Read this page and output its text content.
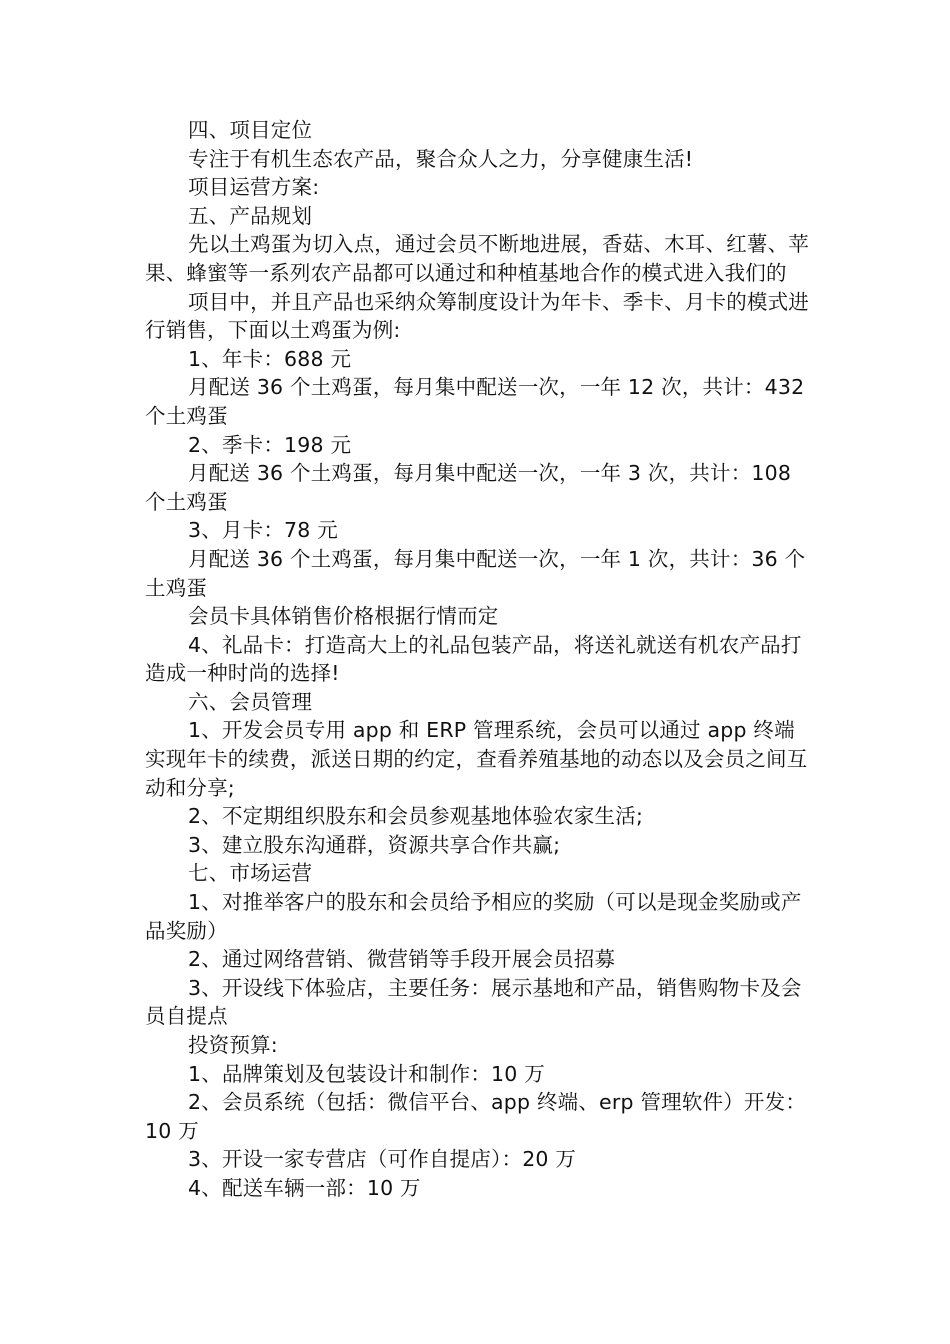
四、项目定位

专注于有机生态农产品，聚合众人之力，分享健康生活!

项目运营方案:

五、产品规划

先以土鸡蛋为切入点，通过会员不断地进展，香菇、木耳、红薯、苹果、蜂蜜等一系列农产品都可以通过和种植基地合作的模式进入我们的

项目中，并且产品也采纳众筹制度设计为年卡、季卡、月卡的模式进行销售，下面以土鸡蛋为例:

1、年卡：688 元

月配送 36 个土鸡蛋，每月集中配送一次，一年 12 次，共计：432 个土鸡蛋

2、季卡：198 元

月配送 36 个土鸡蛋，每月集中配送一次，一年 3 次，共计：108 个土鸡蛋

3、月卡：78 元

月配送 36 个土鸡蛋，每月集中配送一次，一年 1 次，共计：36 个土鸡蛋

会员卡具体销售价格根据行情而定

4、礼品卡：打造高大上的礼品包装产品，将送礼就送有机农产品打造成一种时尚的选择!

六、会员管理

1、开发会员专用 app 和 ERP 管理系统，会员可以通过 app 终端实现年卡的续费，派送日期的约定，查看养殖基地的动态以及会员之间互动和分享;

2、不定期组织股东和会员参观基地体验农家生活;

3、建立股东沟通群，资源共享合作共赢;

七、市场运营

1、对推举客户的股东和会员给予相应的奖励（可以是现金奖励或产品奖励）

2、通过网络营销、微营销等手段开展会员招募

3、开设线下体验店，主要任务：展示基地和产品，销售购物卡及会员自提点

投资预算:

1、品牌策划及包装设计和制作：10 万

2、会员系统（包括：微信平台、app 终端、erp 管理软件）开发：10 万

3、开设一家专营店（可作自提店）：20 万

4、配送车辆一部：10 万
